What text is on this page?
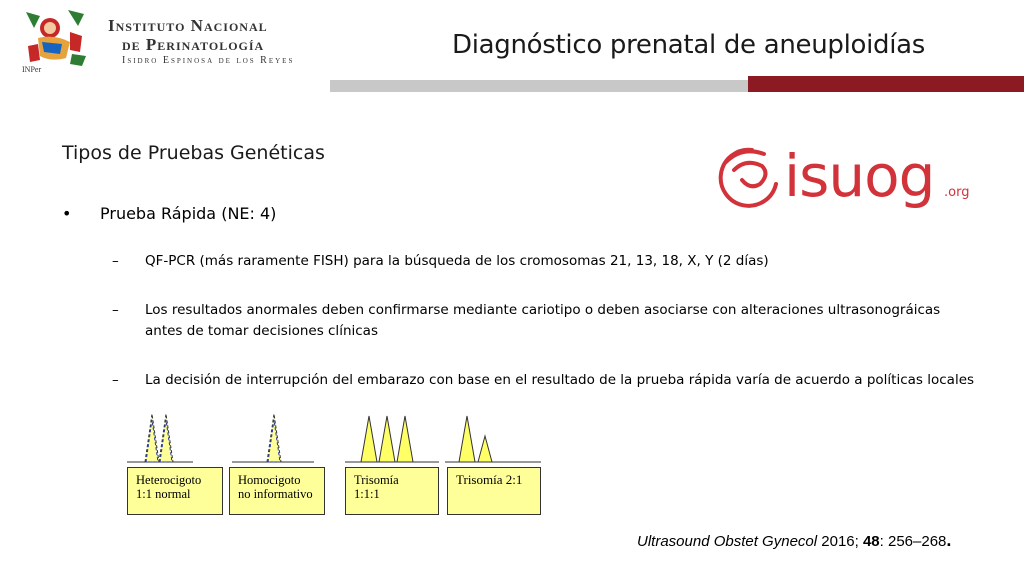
INPer
Instituto Nacional
de Perinatología
Isidro Espinosa de los Reyes
Diagnóstico prenatal de aneuploidías
Tipos de Pruebas Genéticas
• Prueba Rápida (NE: 4)
– QF-PCR (más raramente FISH) para la búsqueda de los cromosomas 21, 13, 18, X, Y (2 días)
– Los resultados anormales deben confirmarse mediante cariotipo o deben asociarse con alteraciones ultrasonográicas antes de tomar decisiones clínicas
– La decisión de interrupción del embarazo con base en el resultado de la prueba rápida varía de acuerdo a políticas locales
isuog .org
Heterocigoto
1:1 normal
Homocigoto
no informativo
Trisomía
1:1:1
Trisomía 2:1
Ultrasound Obstet Gynecol 2016; 48: 256–268.
